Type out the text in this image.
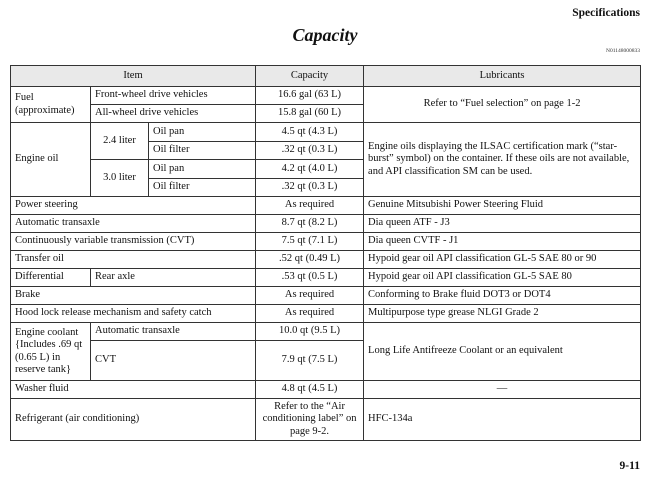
Specifications
Capacity
N01148000833
Item			Capacity	Lubricants
Fuel (approximate)	Front-wheel drive vehicles		16.6 gal (63 L)	Refer to “Fuel selection” on page 1-2
	All-wheel drive vehicles		15.8 gal (60 L)	
Engine oil	2.4 liter	Oil pan	4.5 qt (4.3 L)	Engine oils displaying the ILSAC certification mark (“star-burst” symbol) on the container. If these oils are not available, and API classification SM can be used.
		Oil filter	.32 qt (0.3 L)	
	3.0 liter	Oil pan	4.2 qt (4.0 L)	
		Oil filter	.32 qt (0.3 L)	
Power steering			As required	Genuine Mitsubishi Power Steering Fluid
Automatic transaxle			8.7 qt (8.2 L)	Dia queen ATF - J3
Continuously variable transmission (CVT)			7.5 qt (7.1 L)	Dia queen CVTF - J1
Transfer oil			.52 qt (0.49 L)	Hypoid gear oil API classification GL-5 SAE 80 or 90
Differential	Rear axle		.53 qt (0.5 L)	Hypoid gear oil API classification GL-5 SAE 80
Brake			As required	Conforming to Brake fluid DOT3 or DOT4
Hood lock release mechanism and safety catch			As required	Multipurpose type grease NLGI Grade 2
Engine coolant {Includes .69 qt (0.65 L) in reserve tank}	Automatic transaxle		10.0 qt (9.5 L)	Long Life Antifreeze Coolant or an equivalent
	CVT		7.9 qt (7.5 L)	
Washer fluid			4.8 qt (4.5 L)	—
Refrigerant (air conditioning)			Refer to the “Air conditioning label” on page 9-2.	HFC-134a
9-11
